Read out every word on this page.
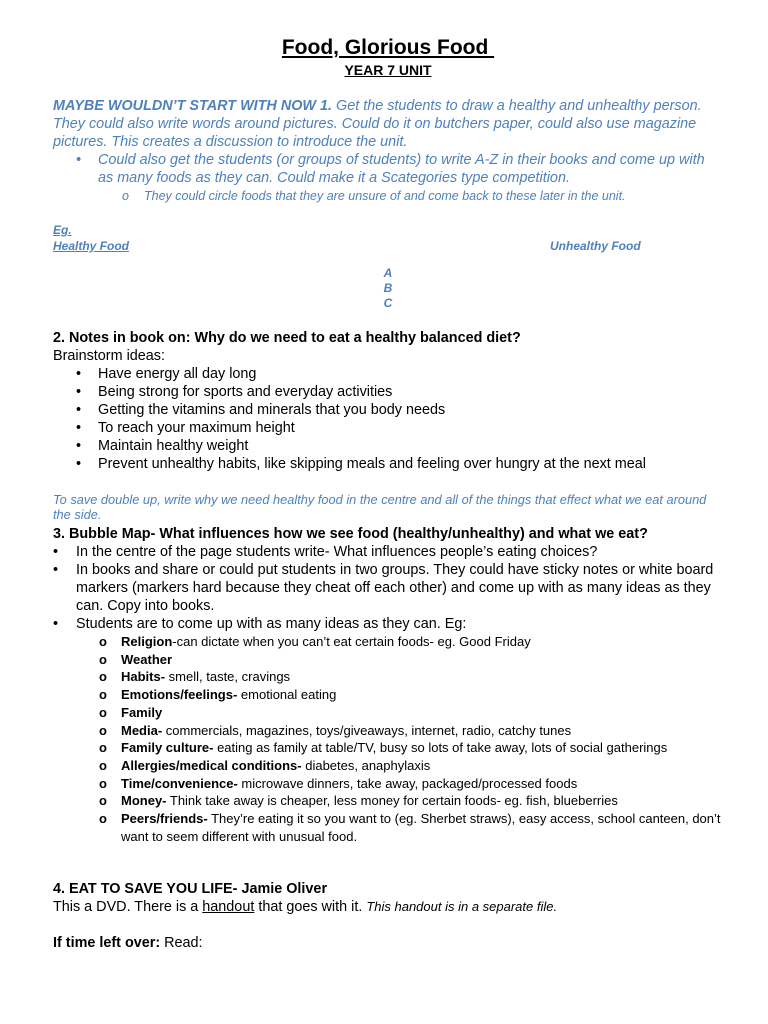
Food, Glorious Food
YEAR 7 UNIT
MAYBE WOULDN’T START WITH NOW 1. Get the students to draw a healthy and unhealthy person. They could also write words around pictures. Could do it on butchers paper, could also use magazine pictures. This creates a discussion to introduce the unit.
• Could also get the students (or groups of students) to write A-Z in their books and come up with as many foods as they can. Could make it a Scategories type competition.
o They could circle foods that they are unsure of and come back to these later in the unit.
Eg.
Healthy Food	Unhealthy Food
A
B
C
2. Notes in book on: Why do we need to eat a healthy balanced diet?
Brainstorm ideas:
• Have energy all day long
• Being strong for sports and everyday activities
• Getting the vitamins and minerals that you body needs
• To reach your maximum height
• Maintain healthy weight
• Prevent unhealthy habits, like skipping meals and feeling over hungry at the next meal
To save double up, write why we need healthy food in the centre and all of the things that effect what we eat around the side.
3. Bubble Map- What influences how we see food (healthy/unhealthy) and what we eat?
• In the centre of the page students write- What influences people’s eating choices?
• In books and share or could put students in two groups. They could have sticky notes or white board markers (markers hard because they cheat off each other) and come up with as many ideas as they can. Copy into books.
• Students are to come up with as many ideas as they can. Eg:
o Religion-can dictate when you can’t eat certain foods- eg. Good Friday
o Weather
o Habits- smell, taste, cravings
o Emotions/feelings- emotional eating
o Family
o Media- commercials, magazines, toys/giveaways, internet, radio, catchy tunes
o Family culture- eating as family at table/TV, busy so lots of take away, lots of social gatherings
o Allergies/medical conditions- diabetes, anaphylaxis
o Time/convenience- microwave dinners, take away, packaged/processed foods
o Money- Think take away is cheaper, less money for certain foods- eg. fish, blueberries
o Peers/friends- They’re eating it so you want to (eg. Sherbet straws), easy access, school canteen, don’t want to seem different with unusual food.
4. EAT TO SAVE YOU LIFE- Jamie Oliver
This a DVD. There is a handout that goes with it. This handout is in a separate file.
If time left over: Read:
